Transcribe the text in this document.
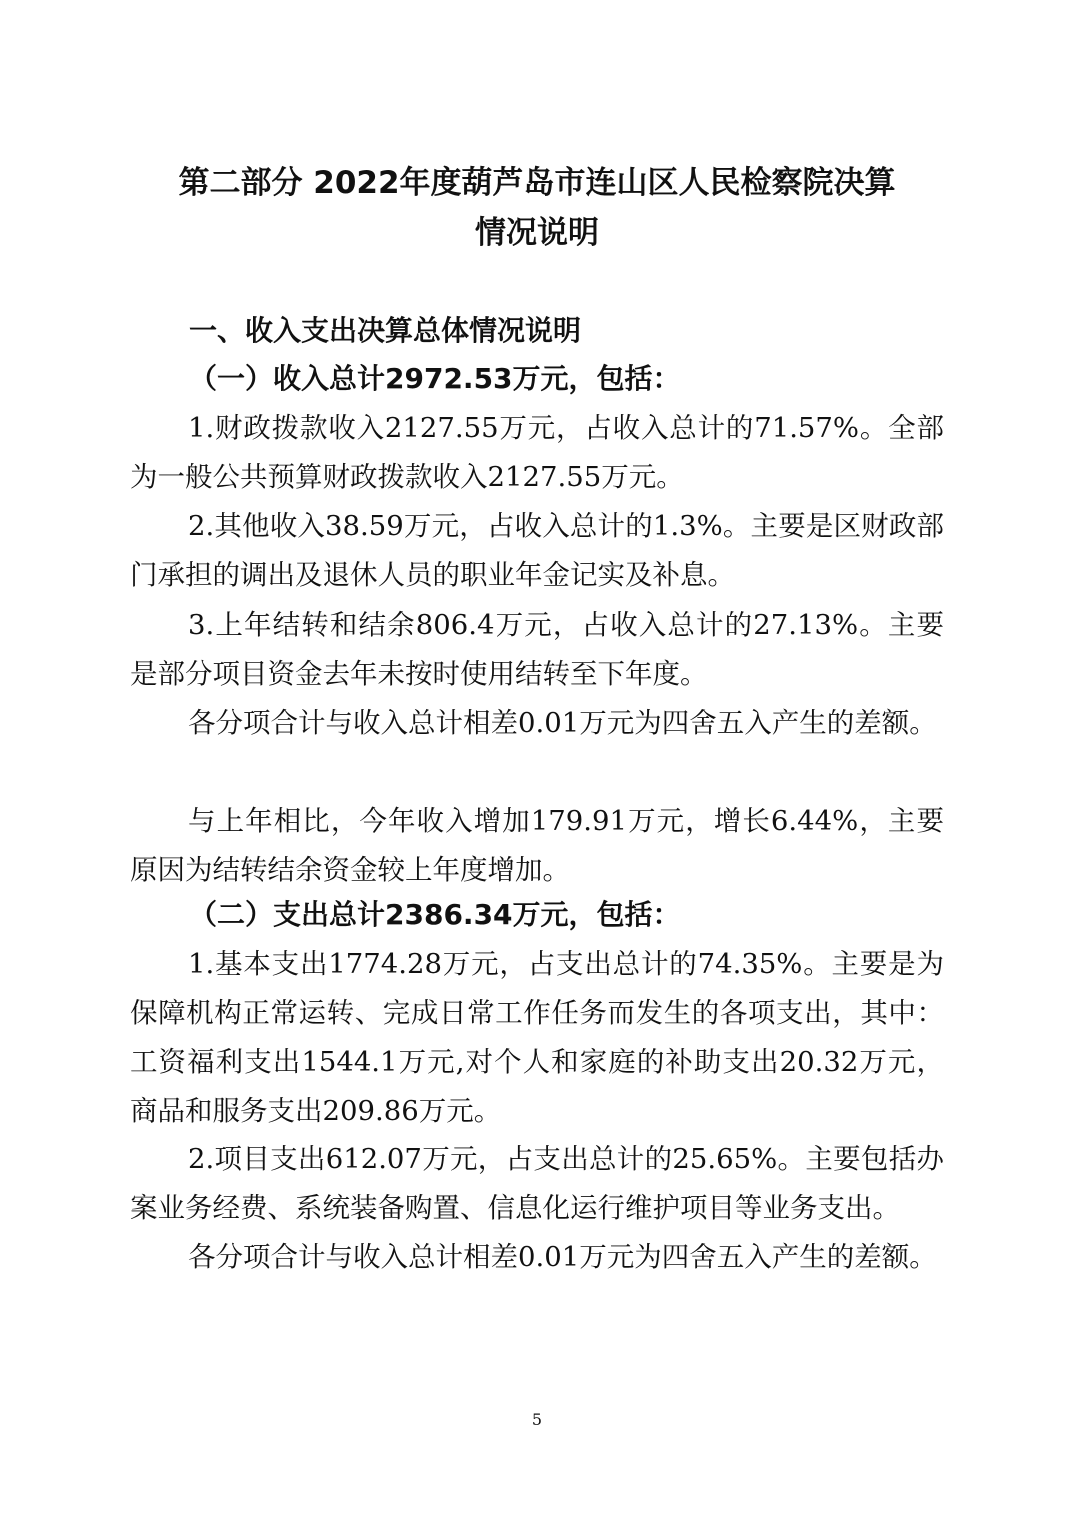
第二部分 2022年度葫芦岛市连山区人民检察院决算
情况说明
一、收入支出决算总体情况说明
（一）收入总计2972.53万元，包括：

1.财政拨款收入2127.55万元，占收入总计的71.57%。全部为一般公共预算财政拨款收入2127.55万元。

2.其他收入38.59万元，占收入总计的1.3%。主要是区财政部门承担的调出及退休人员的职业年金记实及补息。

3.上年结转和结余806.4万元，占收入总计的27.13%。主要是部分项目资金去年未按时使用结转至下年度。

各分项合计与收入总计相差0.01万元为四舍五入产生的差额。

与上年相比，今年收入增加179.91万元，增长6.44%，主要原因为结转结余资金较上年度增加。

（二）支出总计2386.34万元，包括：

1.基本支出1774.28万元，占支出总计的74.35%。主要是为保障机构正常运转、完成日常工作任务而发生的各项支出，其中：工资福利支出1544.1万元,对个人和家庭的补助支出20.32万元，商品和服务支出209.86万元。

2.项目支出612.07万元，占支出总计的25.65%。主要包括办案业务经费、系统装备购置、信息化运行维护项目等业务支出。

各分项合计与收入总计相差0.01万元为四舍五入产生的差额。

5
